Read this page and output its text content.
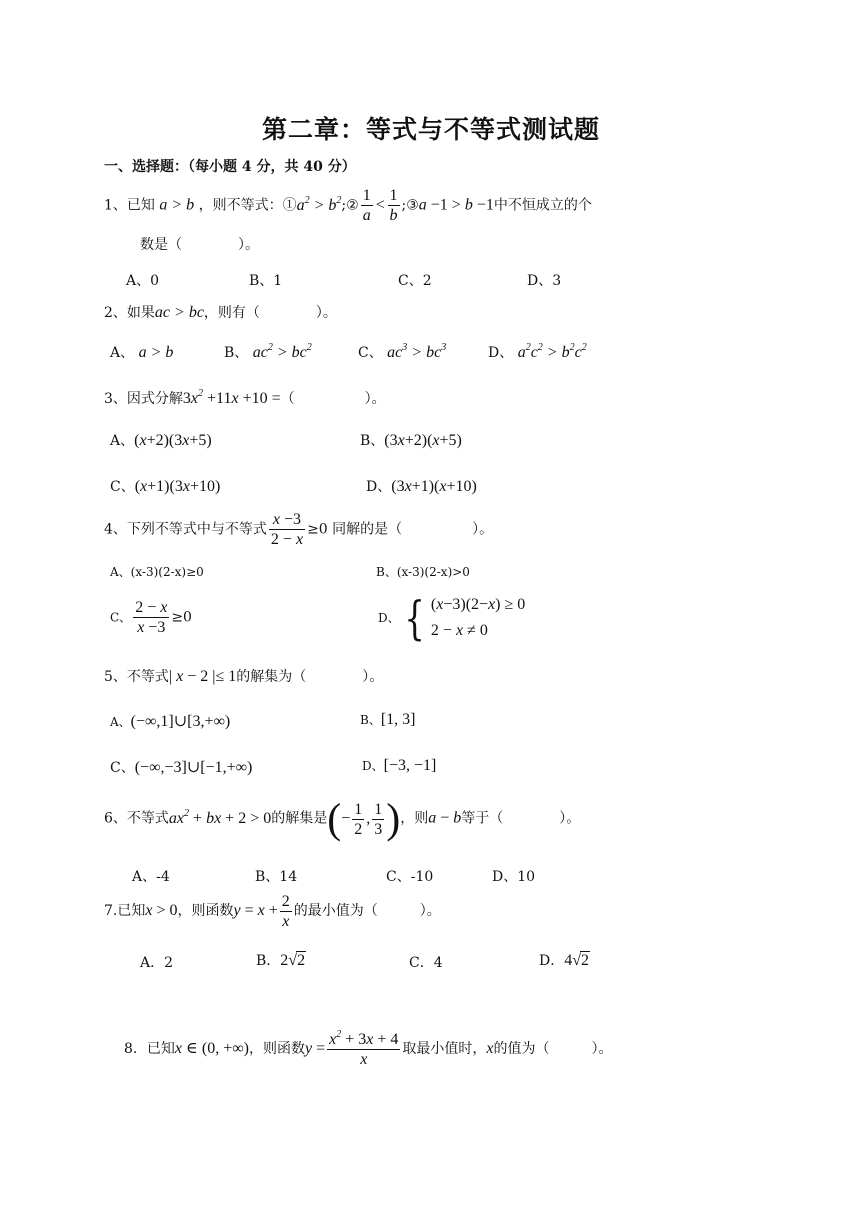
第二章：等式与不等式测试题
一、选择题：（每小题 4 分，共 40 分）
1、已知 a > b ，则不等式：$①a^2$ > $b^2;② \frac{1}{a} < \frac{1}{b}$ ;③a −1 > b −1中不恒成立的个
数是（　　　　）。
A、0	B、1	C、2	D、3
2、如果ac > bc，则有（　　　　）。
A、 a > b	B、 $ac^2 > bc^2$	C、 $ac^3 > bc^3$	D、 $a^2c^2 > b^2c^2$
3、因式分解$3x^2 +11x +10$ =（　　　　　）。
A、(x+2)(3x+5)	B、(3x+2)(x+5)
C、(x+1)(3x+10)	D、(3x+1)(x+10)
4、下列不等式中与不等式 $\frac{x -3}{2 - x} \ge 0$ 同解的是（　　　　　）。
A、(x-3)(2-x)≥0	B、(x-3)(2-x)>0
C、 $\frac{2 - x}{x -3} \ge 0$	D、{ (x−3)(2−x) ≥ 0
2 − x ≠ 0
5、不等式| x − 2 |≤ 1的解集为（　　　　）。
A、(−∞,1]∪[3,+∞)	B、[1, 3]
C、(−∞,−3]∪[−1,+∞)	D、[−3, −1]
6、不等式$ax^2$ + bx + 2 > 0的解集是(− $\frac{1}{2}$ , $\frac{1}{3}$ )，则a − b等于（　　　　）。
A、-4	B、14	C、-10	D、10
7.已知x > 0，则函数$y = x + \frac{2}{x}$ 的最小值为（　　　）。
A．2	B．2√2	C．4	D．4√2
8．已知x ∈ (0, +∞)，则函数$y = \frac{x^2 + 3x + 4}{x}$ 取最小值时，x的值为（　　　）。
